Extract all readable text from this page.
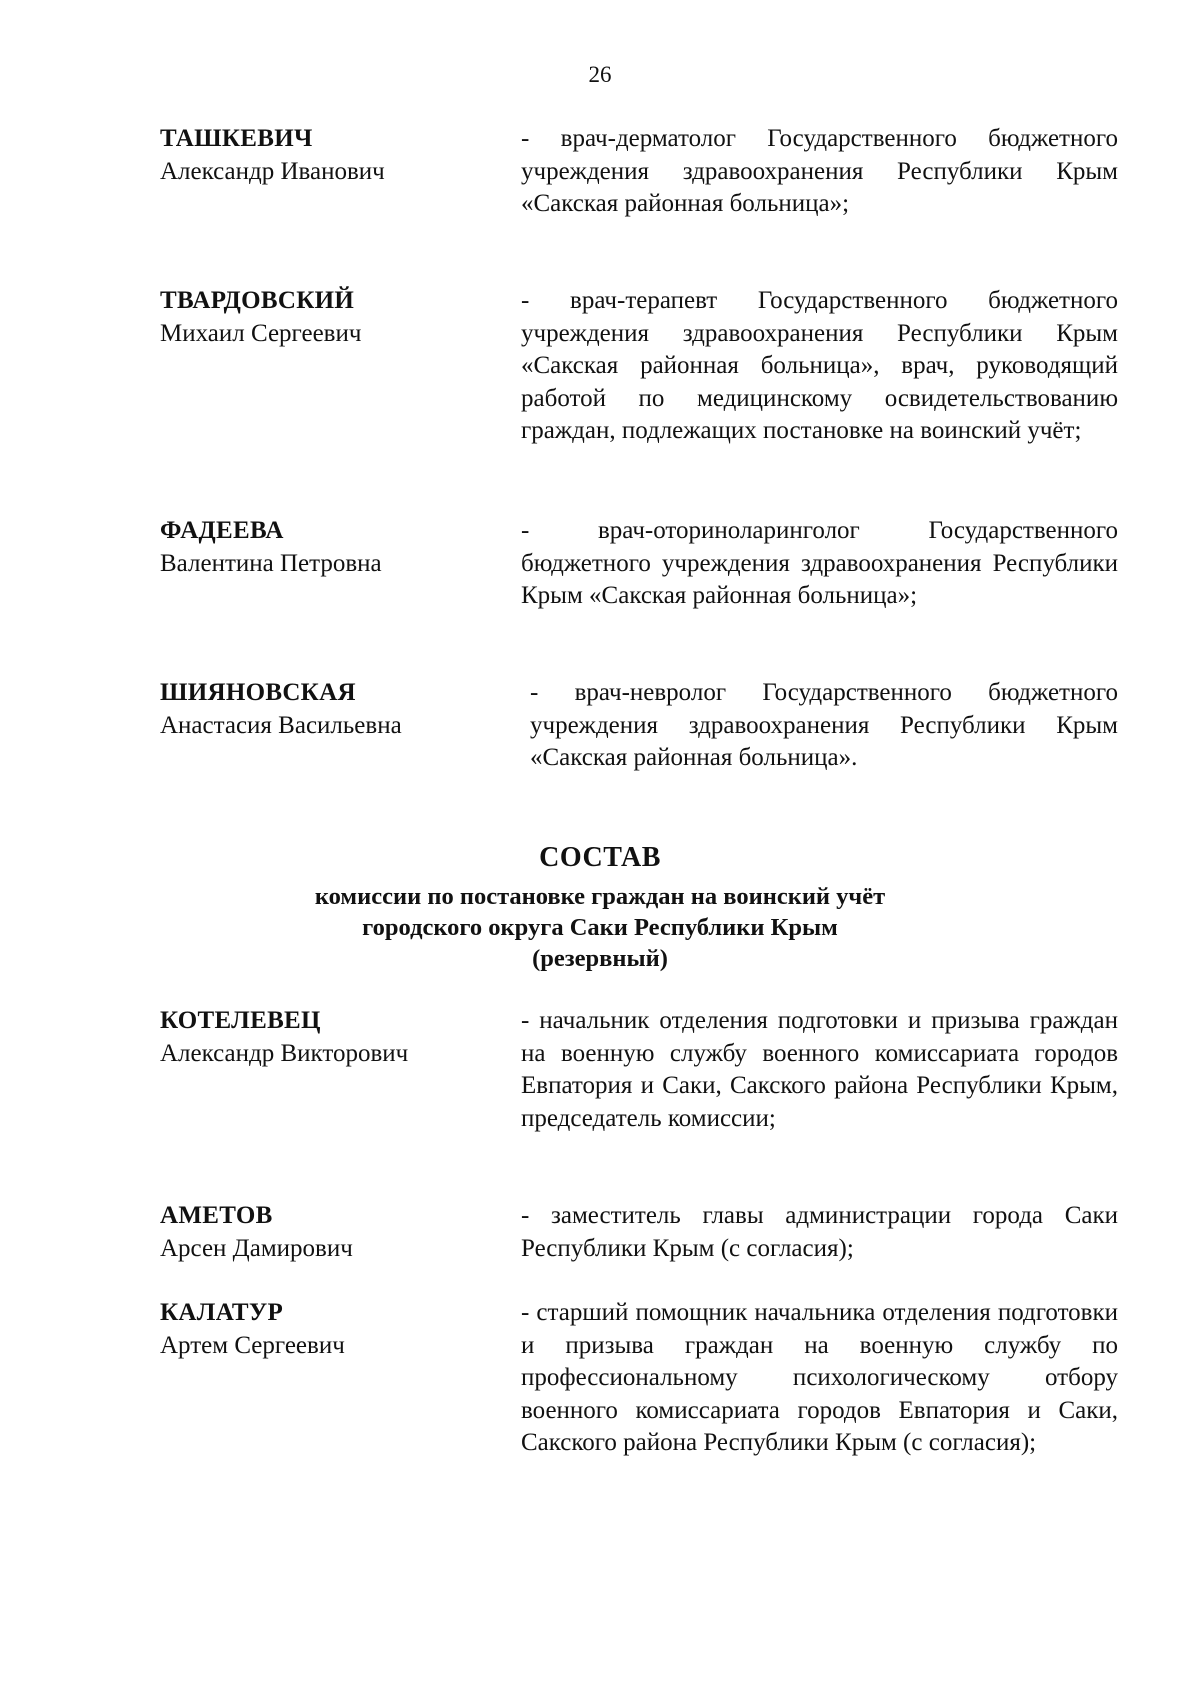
26
ТАШКЕВИЧ
Александр Иванович
- врач-дерматолог Государственного бюджетного учреждения здравоохранения Республики Крым «Сакская районная больница»;
ТВАРДОВСКИЙ
Михаил Сергеевич
- врач-терапевт Государственного бюджетного учреждения здравоохранения Республики Крым «Сакская районная больница», врач, руководящий работой по медицинскому освидетельствованию граждан, подлежащих постановке на воинский учёт;
ФАДЕЕВА
Валентина Петровна
- врач-оториноларинголог Государственного бюджетного учреждения здравоохранения Республики Крым «Сакская районная больница»;
ШИЯНОВСКАЯ
Анастасия Васильевна
- врач-невролог Государственного бюджетного учреждения здравоохранения Республики Крым «Сакская районная больница».
СОСТАВ
комиссии по постановке граждан на воинский учёт
городского округа Саки Республики Крым
(резервный)
КОТЕЛЕВЕЦ
Александр Викторович
- начальник отделения подготовки и призыва граждан на военную службу военного комиссариата городов Евпатория и Саки, Сакского района Республики Крым, председатель комиссии;
АМЕТОВ
Арсен Дамирович
- заместитель главы администрации города Саки Республики Крым (с согласия);
КАЛАТУР
Артем Сергеевич
- старший помощник начальника отделения подготовки и призыва граждан на военную службу по профессиональному психологическому отбору военного комиссариата городов Евпатория и Саки, Сакского района Республики Крым (с согласия);
